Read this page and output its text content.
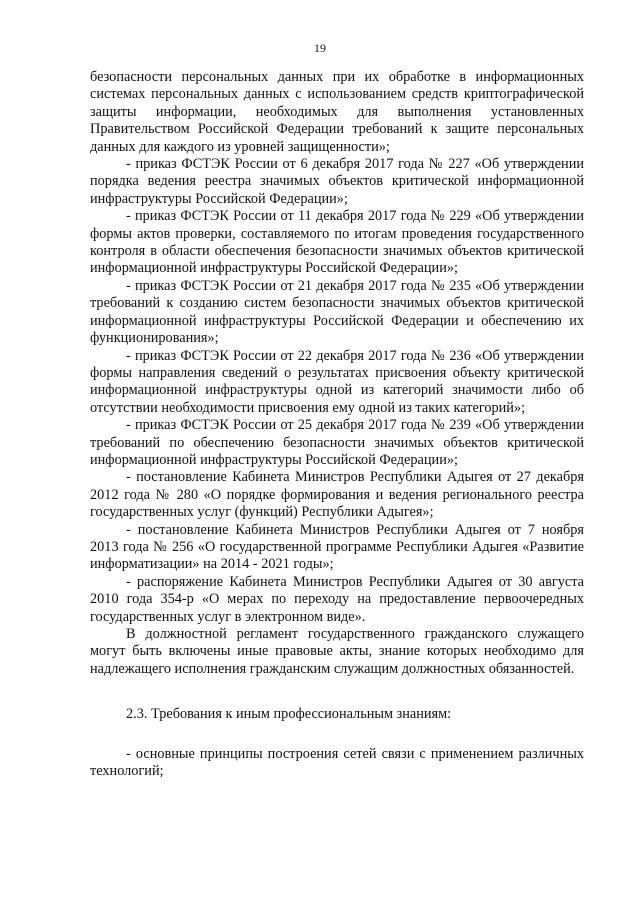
19

безопасности персональных данных при их обработке в информационных системах персональных данных с использованием средств криптографической защиты информации, необходимых для выполнения установленных Правительством Российской Федерации требований к защите персональных данных для каждого из уровней защищенности»;

- приказ ФСТЭК России от 6 декабря 2017 года № 227 «Об утверждении порядка ведения реестра значимых объектов критической информационной инфраструктуры Российской Федерации»;

- приказ ФСТЭК России от 11 декабря 2017 года № 229 «Об утверждении формы актов проверки, составляемого по итогам проведения государственного контроля в области обеспечения безопасности значимых объектов критической информационной инфраструктуры Российской Федерации»;

- приказ ФСТЭК России от 21 декабря 2017 года № 235 «Об утверждении требований к созданию систем безопасности значимых объектов критической информационной инфраструктуры Российской Федерации и обеспечению их функционирования»;

- приказ ФСТЭК России от 22 декабря 2017 года № 236 «Об утверждении формы направления сведений о результатах присвоения объекту критической информационной инфраструктуры одной из категорий значимости либо об отсутствии необходимости присвоения ему одной из таких категорий»;

- приказ ФСТЭК России от 25 декабря 2017 года № 239 «Об утверждении требований по обеспечению безопасности значимых объектов критической информационной инфраструктуры Российской Федерации»;

- постановление Кабинета Министров Республики Адыгея от 27 декабря 2012 года № 280 «О порядке формирования и ведения регионального реестра государственных услуг (функций) Республики Адыгея»;

- постановление Кабинета Министров Республики Адыгея от 7 ноября 2013 года № 256 «О государственной программе Республики Адыгея «Развитие информатизации» на 2014 - 2021 годы»;

- распоряжение Кабинета Министров Республики Адыгея от 30 августа 2010 года 354-р «О мерах по переходу на предоставление первоочередных государственных услуг в электронном виде».

В должностной регламент государственного гражданского служащего могут быть включены иные правовые акты, знание которых необходимо для надлежащего исполнения гражданским служащим должностных обязанностей.

2.3. Требования к иным профессиональным знаниям:

- основные принципы построения сетей связи с применением различных технологий;
